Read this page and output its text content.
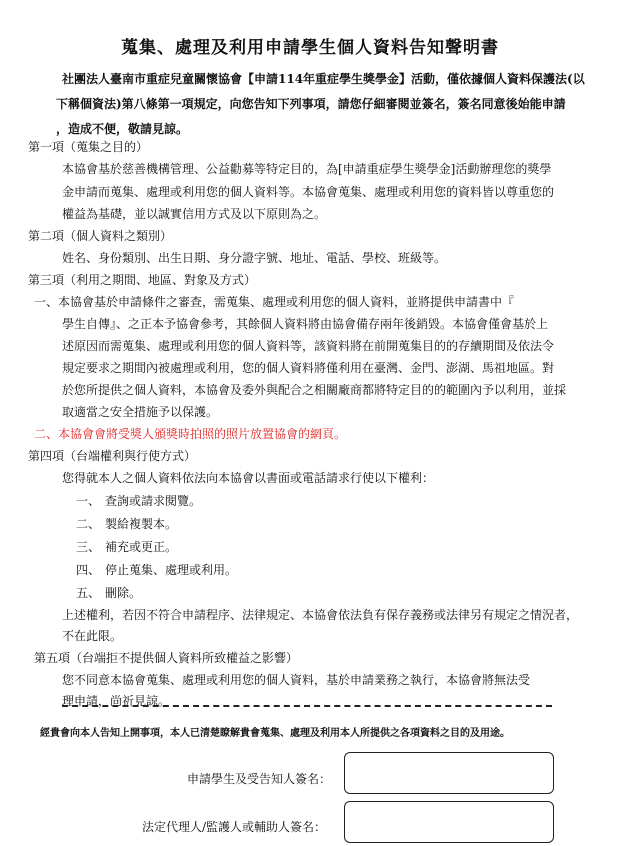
蒐集、處理及利用申請學生個人資料告知聲明書
社團法人臺南市重症兒童關懷協會【申請114年重症學生獎學金】活動，僅依據個人資料保護法(以
下稱個資法)第八條第一項規定，向您告知下列事項，請您仔細審閱並簽名，簽名同意後始能申請
，造成不便，敬請見諒。
第一項（蒐集之目的）
本協會基於慈善機構管理、公益勸募等特定目的，為[申請重症學生獎學金]活動辦理您的獎學
金申請而蒐集、處理或利用您的個人資料等。本協會蒐集、處理或利用您的資料皆以尊重您的
權益為基礎，並以誠實信用方式及以下原則為之。
第二項（個人資料之類別）
姓名、身份類別、出生日期、身分證字號、地址、電話、學校、班級等。
第三項（利用之期間、地區、對象及方式）
一、本協會基於申請條件之審查，需蒐集、處理或利用您的個人資料，並將提供申請書中『
學生自傳』、之正本予協會參考，其餘個人資料將由協會備存兩年後銷毀。本協會僅會基於上
述原因而需蒐集、處理或利用您的個人資料等，該資料將在前開蒐集目的的存續期間及依法令
規定要求之期間內被處理或利用，您的個人資料將僅利用在臺灣、金門、澎湖、馬祖地區。對
於您所提供之個人資料，本協會及委外與配合之相關廠商都將特定目的的範圍內予以利用，並採
取適當之安全措施予以保護。
二、本協會會將受獎人頒獎時拍照的照片放置協會的網頁。
第四項（台端權利與行使方式）
您得就本人之個人資料依法向本協會以書面或電話請求行使以下權利：
一、 查詢或請求閱覽。
二、 製給複製本。
三、 補充或更正。
四、 停止蒐集、處理或利用。
五、 刪除。
上述權利，若因不符合申請程序、法律規定、本協會依法負有保存義務或法律另有規定之情況者，
不在此限。
第五項（台端拒不提供個人資料所致權益之影響）
您不同意本協會蒐集、處理或利用您的個人資料，基於申請業務之執行，本協會將無法受
理申請，尚祈見諒。
經貴會向本人告知上開事項，本人已清楚瞭解貴會蒐集、處理及利用本人所提供之各項資料之目的及用途。
申請學生及受告知人簽名：
法定代理人/監護人或輔助人簽名：
